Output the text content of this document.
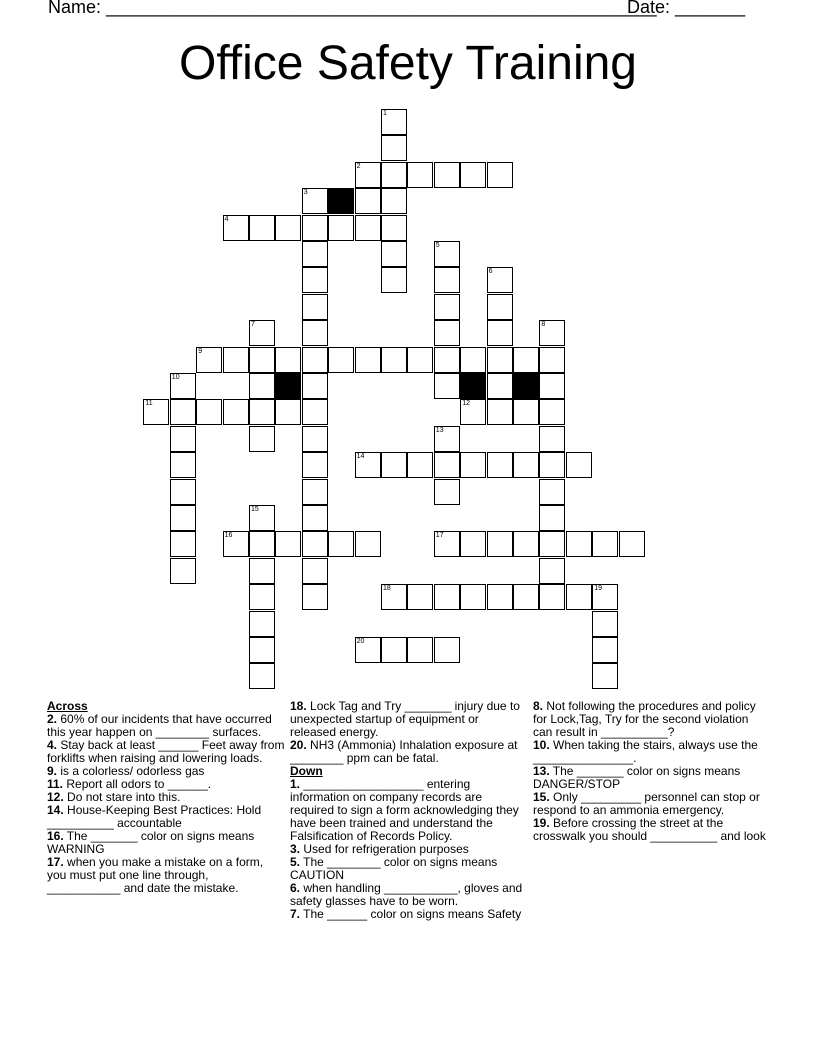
Name: _______________________________________________________
Date: _______
Office Safety Training
1
2
3
4
5
6
7	8
9
10
11	12
13
14
15
16	17
18	19
20
Across
2. 60% of our incidents that have occurred this year happen on ________ surfaces.
4. Stay back at least ______ Feet away from forklifts when raising and lowering loads.
9. is a colorless/ odorless gas
11. Report all odors to ______.
12. Do not stare into this.
14. House-Keeping Best Practices: Hold __________ accountable
16. The _______ color on signs means WARNING
17. when you make a mistake on a form, you must put one line through, ___________ and date the mistake.
18. Lock Tag and Try _______ injury due to unexpected startup of equipment or released energy.
20. NH3 (Ammonia) Inhalation exposure at ________ ppm can be fatal.
Down
1. __________________ entering information on company records are required to sign a form acknowledging they have been trained and understand the Falsification of Records Policy.
3. Used for refrigeration purposes
5. The ________ color on signs means CAUTION
6. when handling ___________, gloves and safety glasses have to be worn.
7. The ______ color on signs means Safety
8. Not following the procedures and policy for Lock,Tag, Try for the second violation can result in __________?
10. When taking the stairs, always use the _______________.
13. The _______ color on signs means DANGER/STOP
15. Only _________ personnel can stop or respond to an ammonia emergency.
19. Before crossing the street at the crosswalk you should __________ and look
